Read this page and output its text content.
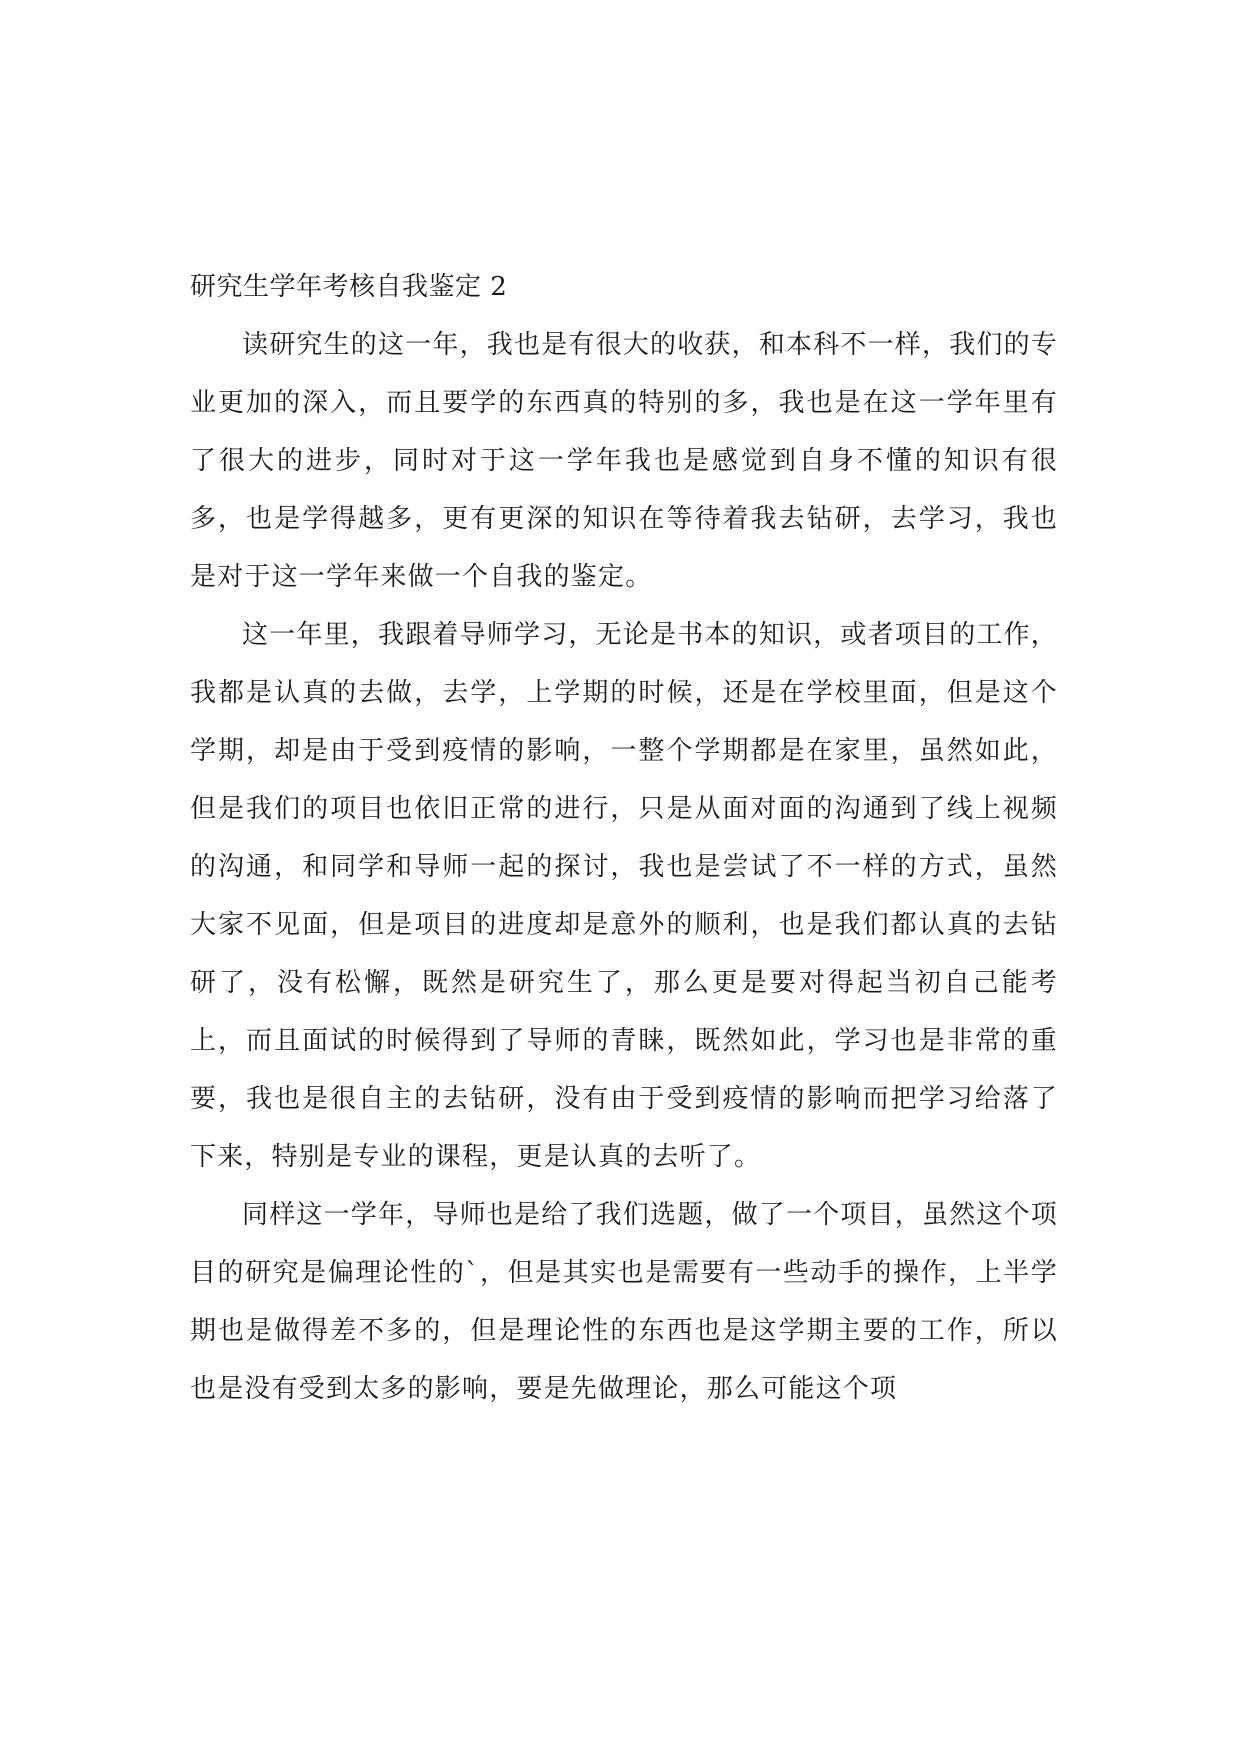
研究生学年考核自我鉴定 2

读研究生的这一年，我也是有很大的收获，和本科不一样，我们的专业更加的深入，而且要学的东西真的特别的多，我也是在这一学年里有了很大的进步，同时对于这一学年我也是感觉到自身不懂的知识有很多，也是学得越多，更有更深的知识在等待着我去钻研，去学习，我也是对于这一学年来做一个自我的鉴定。

这一年里，我跟着导师学习，无论是书本的知识，或者项目的工作，我都是认真的去做，去学，上学期的时候，还是在学校里面，但是这个学期，却是由于受到疫情的影响，一整个学期都是在家里，虽然如此，但是我们的项目也依旧正常的进行，只是从面对面的沟通到了线上视频的沟通，和同学和导师一起的探讨，我也是尝试了不一样的方式，虽然大家不见面，但是项目的进度却是意外的顺利，也是我们都认真的去钻研了，没有松懈，既然是研究生了，那么更是要对得起当初自己能考上，而且面试的时候得到了导师的青睐，既然如此，学习也是非常的重要，我也是很自主的去钻研，没有由于受到疫情的影响而把学习给落了下来，特别是专业的课程，更是认真的去听了。

同样这一学年，导师也是给了我们选题，做了一个项目，虽然这个项目的研究是偏理论性的`，但是其实也是需要有一些动手的操作，上半学期也是做得差不多的，但是理论性的东西也是这学期主要的工作，所以也是没有受到太多的影响，要是先做理论，那么可能这个项
